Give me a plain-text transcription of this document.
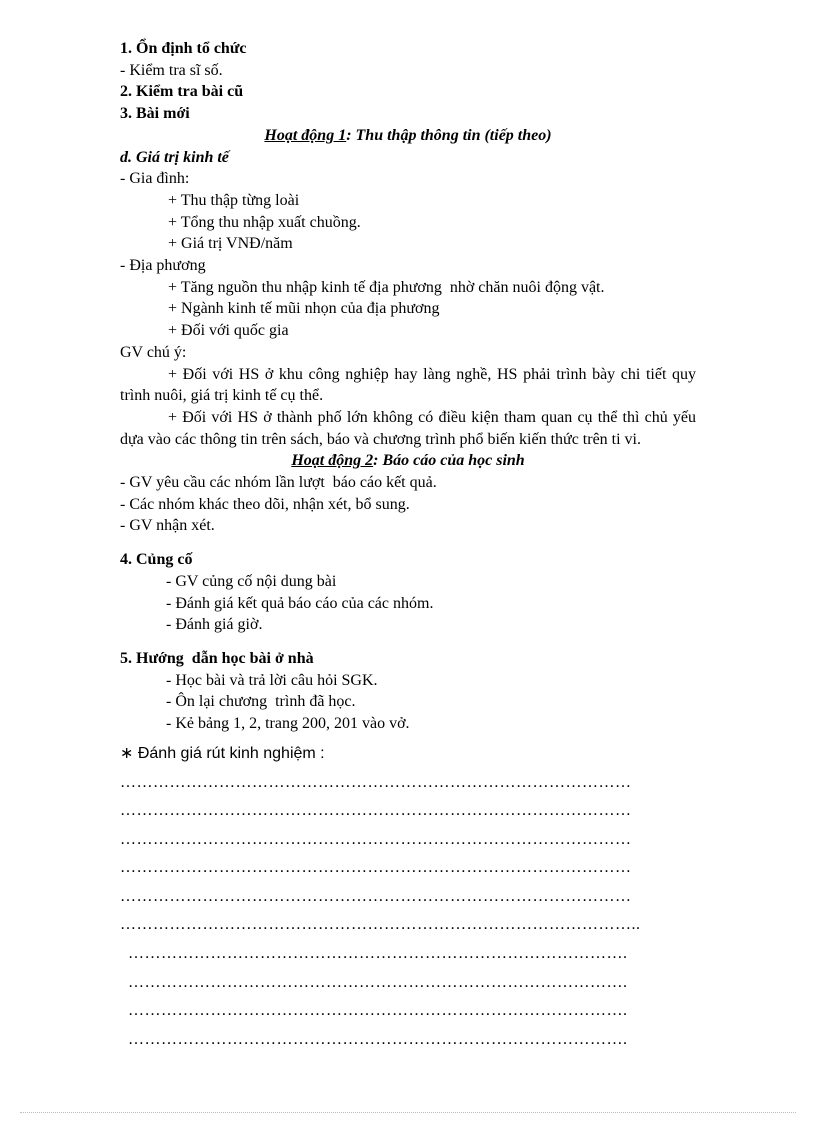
1. Ổn định tổ chức
- Kiểm tra sĩ số.
2. Kiểm tra bài cũ
3. Bài mới
Hoạt động 1: Thu thập thông tin (tiếp theo)
d. Giá trị kinh tế
- Gia đình:
+ Thu thập từng loài
+ Tổng thu nhập xuất chuồng.
+ Giá trị VNĐ/năm
- Địa phương
+ Tăng nguồn thu nhập kinh tế địa phương  nhờ chăn nuôi động vật.
+ Ngành kinh tế mũi nhọn của địa phương
+ Đối với quốc gia
GV chú ý:

+ Đối với HS ở khu công nghiệp hay làng nghề, HS phải trình bày chi tiết quy trình nuôi, giá trị kinh tế cụ thể.

+ Đối với HS ở thành phố lớn không có điều kiện tham quan cụ thể thì chủ yếu dựa vào các thông tin trên sách, báo và chương trình phổ biến kiến thức trên ti vi.

Hoạt động 2: Báo cáo của học sinh
- GV yêu cầu các nhóm lần lượt  báo cáo kết quả.
- Các nhóm khác theo dõi, nhận xét, bổ sung.
- GV nhận xét.
4. Củng cố
- GV củng cố nội dung bài
- Đánh giá kết quả báo cáo của các nhóm.
- Đánh giá giờ.
5. Hướng  dẫn học bài ở nhà
- Học bài và trả lời câu hỏi SGK.
- Ôn lại chương  trình đã học.
- Kẻ bảng 1, 2, trang 200, 201 vào vở.
∗ Đánh giá rút kinh nghiệm :
…………………………………………………………………………………
…………………………………………………………………………………
…………………………………………………………………………………
…………………………………………………………………………………
…………………………………………………………………………………
…………………………………………………………………………………..
……………………………………………………………………………….
……………………………………………………………………………….
……………………………………………………………………………….
……………………………………………………………………………….
